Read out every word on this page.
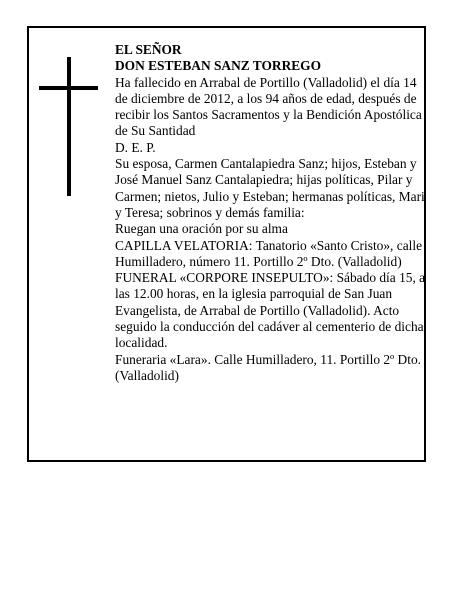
EL SEÑOR

DON ESTEBAN SANZ TORREGO

Ha fallecido en Arrabal de Portillo (Valladolid) el día 14 de diciembre de 2012, a los 94 años de edad, después de recibir los Santos Sacramentos y la Bendición Apostólica de Su Santidad

D. E. P.

Su esposa, Carmen Cantalapiedra Sanz; hijos, Esteban y José Manuel Sanz Cantalapiedra; hijas políticas, Pilar y Carmen; nietos, Julio y Esteban; hermanas políticas, Mari y Teresa; sobrinos y demás familia:

Ruegan una oración por su alma

CAPILLA VELATORIA: Tanatorio «Santo Cristo», calle Humilladero, número 11. Portillo 2º Dto. (Valladolid)

FUNERAL «CORPORE INSEPULTO»: Sábado día 15, a las 12.00 horas, en la iglesia parroquial de San Juan Evangelista, de Arrabal de Portillo (Valladolid). Acto seguido la conducción del cadáver al cementerio de dicha localidad.

Funeraria «Lara». Calle Humilladero, 11. Portillo 2º Dto. (Valladolid)
